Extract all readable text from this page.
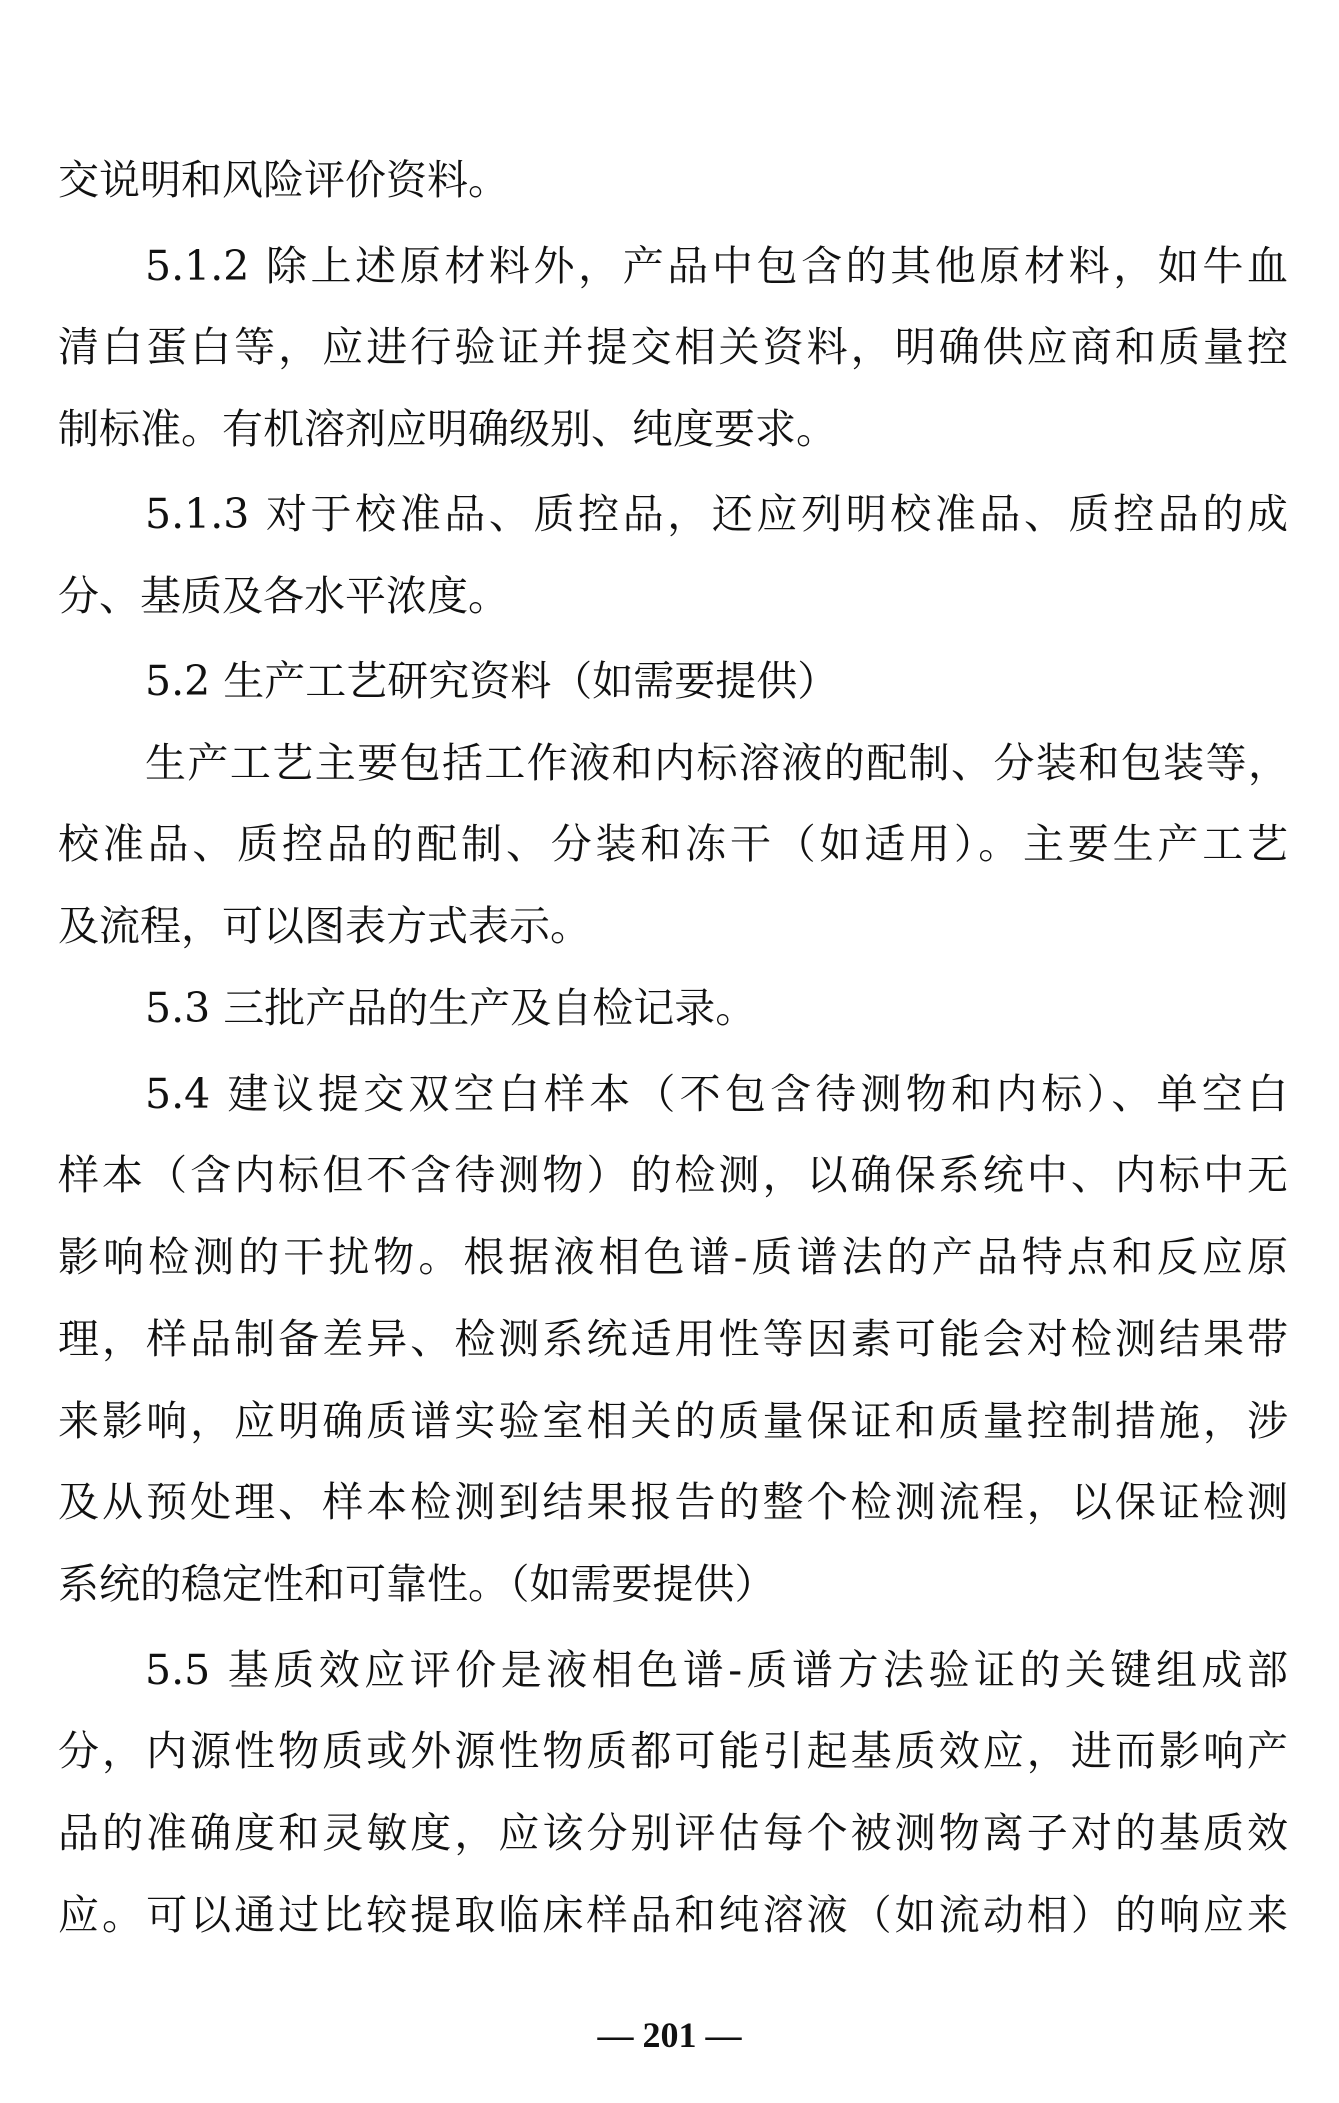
交说明和风险评价资料。
5.1.2 除上述原材料外，产品中包含的其他原材料，如牛血
清白蛋白等，应进行验证并提交相关资料，明确供应商和质量控
制标准。有机溶剂应明确级别、纯度要求。
5.1.3 对于校准品、质控品，还应列明校准品、质控品的成
分、基质及各水平浓度。
5.2 生产工艺研究资料（如需要提供）
生产工艺主要包括工作液和内标溶液的配制、分装和包装等，
校准品、质控品的配制、分装和冻干（如适用）。主要生产工艺
及流程，可以图表方式表示。
5.3 三批产品的生产及自检记录。
5.4 建议提交双空白样本（不包含待测物和内标）、单空白
样本（含内标但不含待测物）的检测，以确保系统中、内标中无
影响检测的干扰物。根据液相色谱-质谱法的产品特点和反应原
理，样品制备差异、检测系统适用性等因素可能会对检测结果带
来影响，应明确质谱实验室相关的质量保证和质量控制措施，涉
及从预处理、样本检测到结果报告的整个检测流程，以保证检测
系统的稳定性和可靠性。（如需要提供）
5.5 基质效应评价是液相色谱-质谱方法验证的关键组成部
分，内源性物质或外源性物质都可能引起基质效应，进而影响产
品的准确度和灵敏度，应该分别评估每个被测物离子对的基质效
应。可以通过比较提取临床样品和纯溶液（如流动相）的响应来
— 201 —
